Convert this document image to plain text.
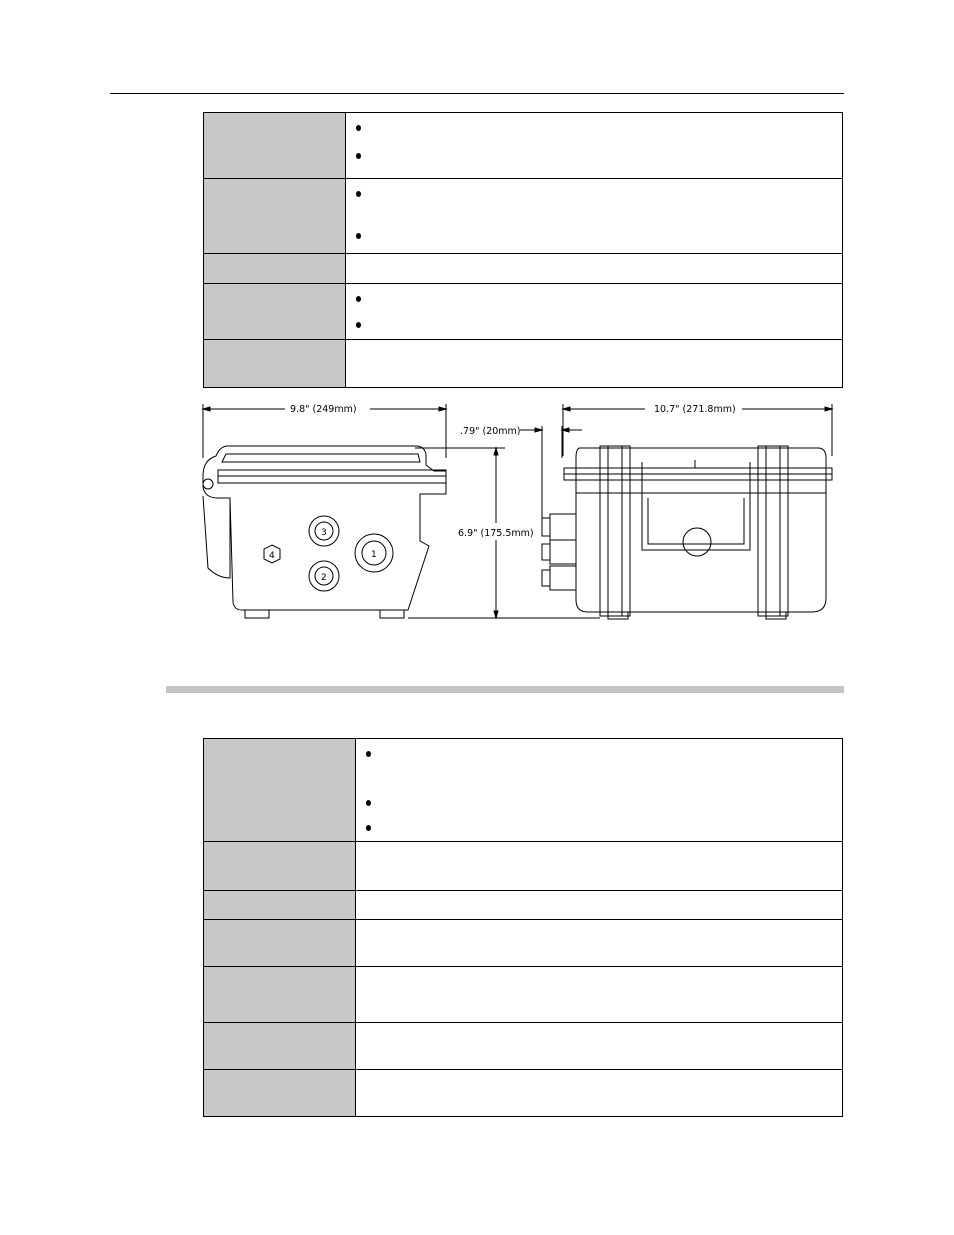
9.8" (249mm)
.79" (20mm)
6.9" (175.5mm)
10.7" (271.8mm)
1
2
3
4
